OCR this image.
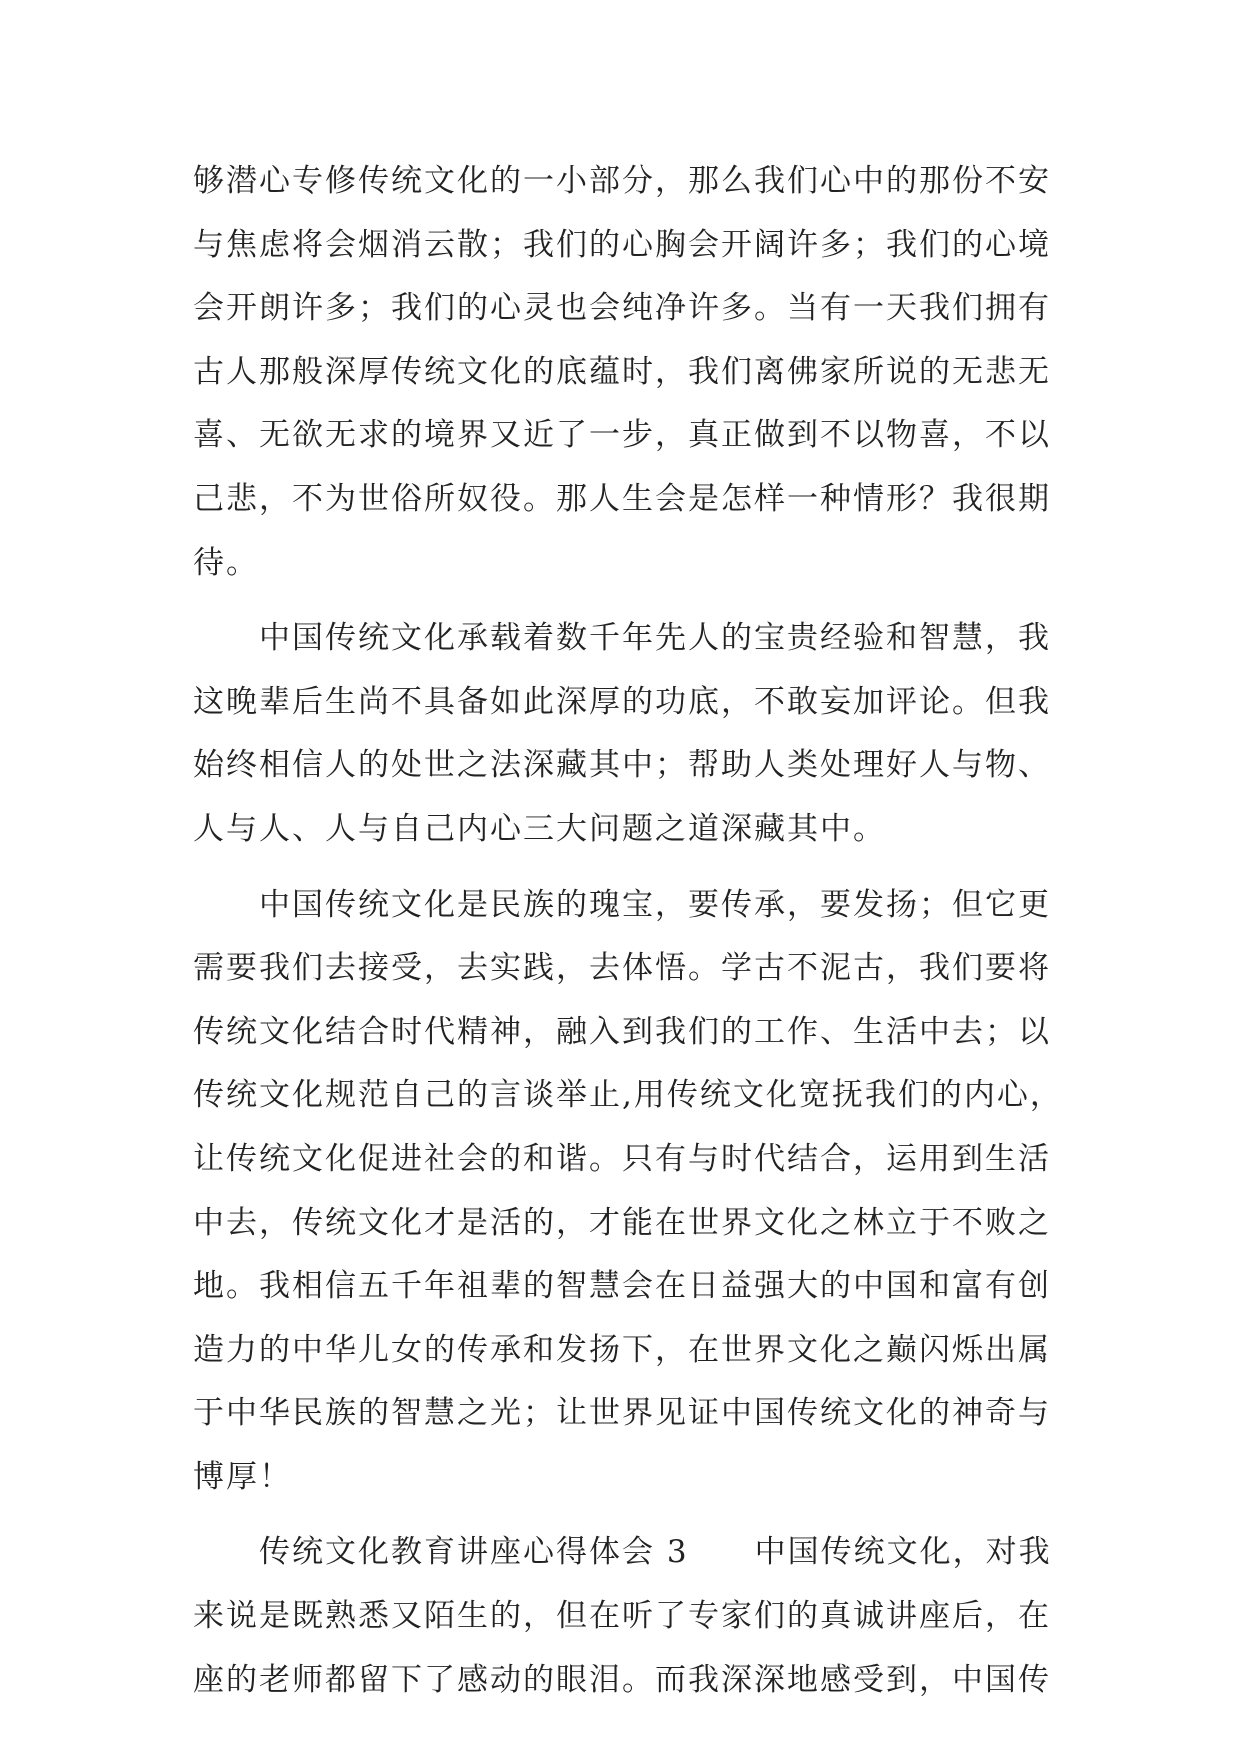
够潜心专修传统文化的一小部分，那么我们心中的那份不安
与焦虑将会烟消云散；我们的心胸会开阔许多；我们的心境
会开朗许多；我们的心灵也会纯净许多。当有一天我们拥有
古人那般深厚传统文化的底蕴时，我们离佛家所说的无悲无
喜、无欲无求的境界又近了一步，真正做到不以物喜，不以
己悲，不为世俗所奴役。那人生会是怎样一种情形？我很期
待。

中国传统文化承载着数千年先人的宝贵经验和智慧，我
这晚辈后生尚不具备如此深厚的功底，不敢妄加评论。但我
始终相信人的处世之法深藏其中；帮助人类处理好人与物、
人与人、人与自己内心三大问题之道深藏其中。

中国传统文化是民族的瑰宝，要传承，要发扬；但它更
需要我们去接受，去实践，去体悟。学古不泥古，我们要将
传统文化结合时代精神，融入到我们的工作、生活中去；以
传统文化规范自己的言谈举止,用传统文化宽抚我们的内心，
让传统文化促进社会的和谐。只有与时代结合，运用到生活
中去，传统文化才是活的，才能在世界文化之林立于不败之
地。我相信五千年祖辈的智慧会在日益强大的中国和富有创
造力的中华儿女的传承和发扬下，在世界文化之巅闪烁出属
于中华民族的智慧之光；让世界见证中国传统文化的神奇与
博厚！

传统文化教育讲座心得体会 3　　中国传统文化，对我
来说是既熟悉又陌生的，但在听了专家们的真诚讲座后，在
座的老师都留下了感动的眼泪。而我深深地感受到，中国传
